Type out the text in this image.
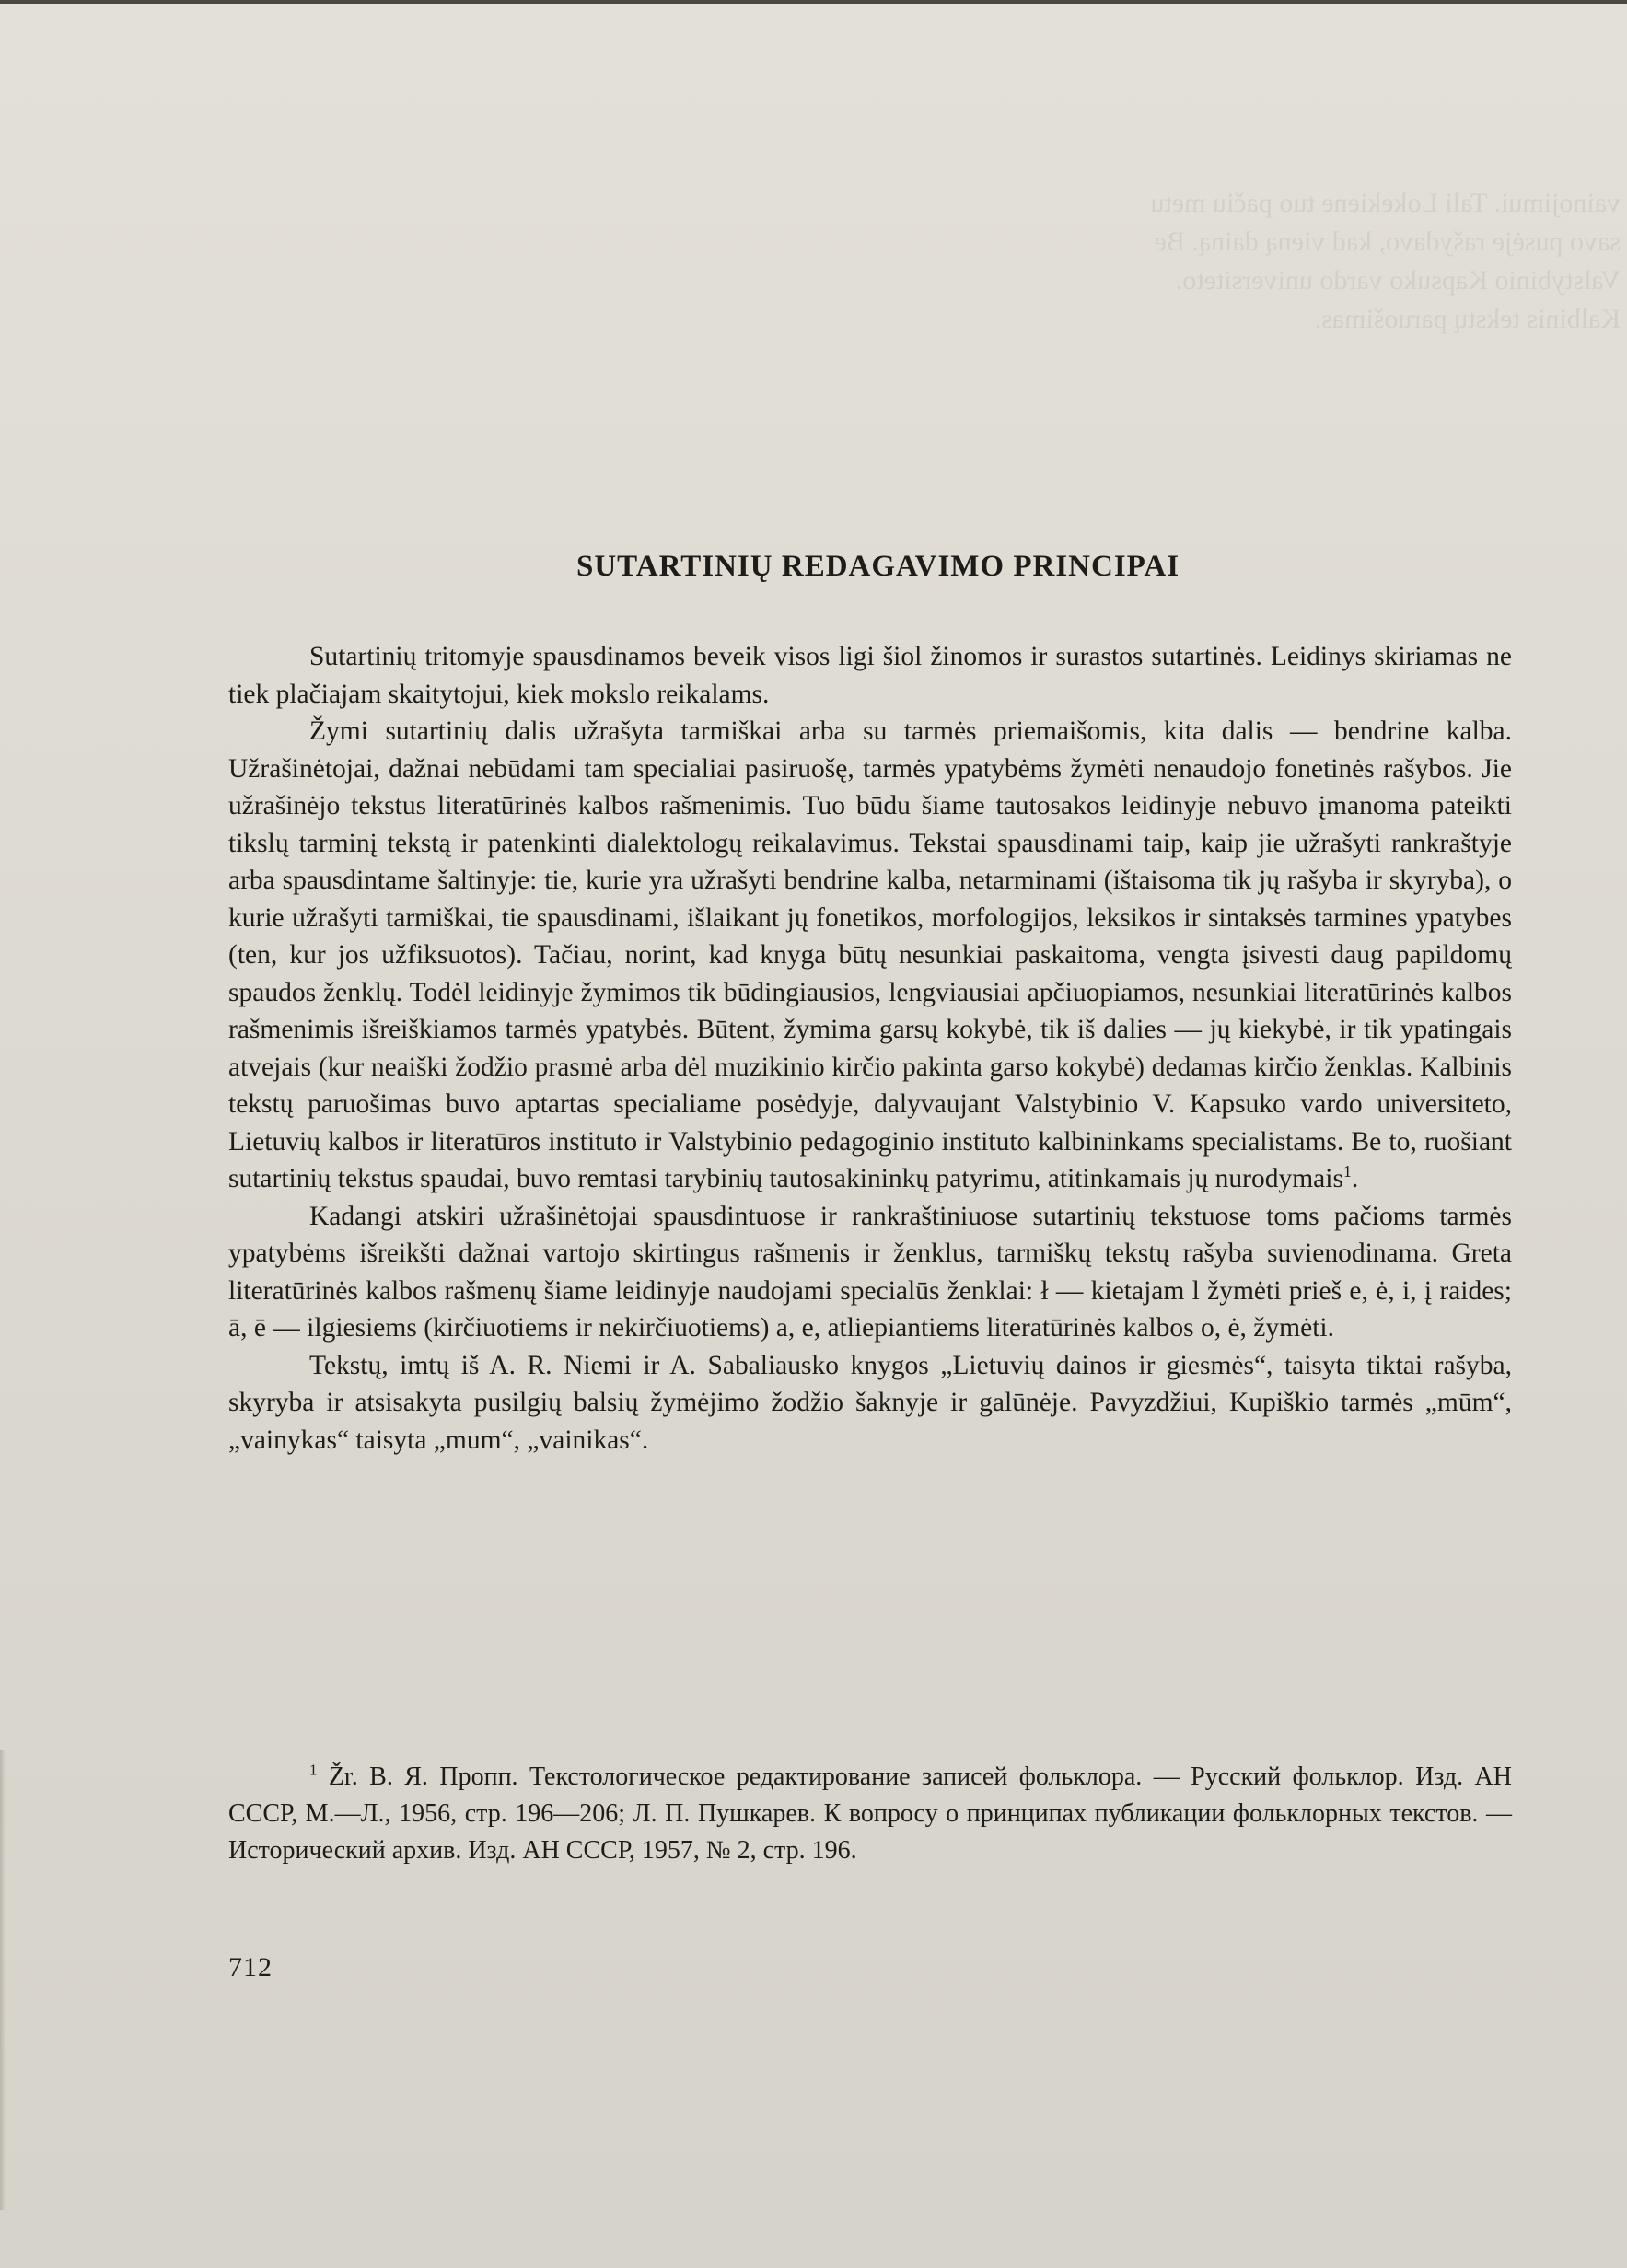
vainojimui. Tali Lokekiene tuo pačiu metu savo pusėje rašydavo, kad vieną dainą. Be Valstybinio Kapsuko vardo universiteto. Kalbinis tekstų paruošimas.
SUTARTINIŲ REDAGAVIMO PRINCIPAI

Sutartinių tritomyje spausdinamos beveik visos ligi šiol žinomos ir surastos sutartinės. Leidinys skiriamas ne tiek plačiajam skaitytojui, kiek mokslo reikalams.

Žymi sutartinių dalis užrašyta tarmiškai arba su tarmės priemaišomis, kita dalis — bendrine kalba. Užrašinėtojai, dažnai nebūdami tam specialiai pasiruošę, tarmės ypatybėms žymėti nenaudojo fonetinės rašybos. Jie užrašinėjo tekstus literatūrinės kalbos rašmenimis. Tuo būdu šiame tautosakos leidinyje nebuvo įmanoma pateikti tikslų tarminį tekstą ir patenkinti dialektologų reikalavimus. Tekstai spausdinami taip, kaip jie užrašyti rankraštyje arba spausdintame šaltinyje: tie, kurie yra užrašyti bendrine kalba, netarminami (ištaisoma tik jų rašyba ir skyryba), o kurie užrašyti tarmiškai, tie spausdinami, išlaikant jų fonetikos, morfologijos, leksikos ir sintaksės tarmines ypatybes (ten, kur jos užfiksuotos). Tačiau, norint, kad knyga būtų nesunkiai paskaitoma, vengta įsivesti daug papildomų spaudos ženklų. Todėl leidinyje žymimos tik būdingiausios, lengviausiai apčiuopiamos, nesunkiai literatūrinės kalbos rašmenimis išreiškiamos tarmės ypatybės. Būtent, žymima garsų kokybė, tik iš dalies — jų kiekybė, ir tik ypatingais atvejais (kur neaiški žodžio prasmė arba dėl muzikinio kirčio pakinta garso kokybė) dedamas kirčio ženklas. Kalbinis tekstų paruošimas buvo aptartas specialiame posėdyje, dalyvaujant Valstybinio V. Kapsuko vardo universiteto, Lietuvių kalbos ir literatūros instituto ir Valstybinio pedagoginio instituto kalbininkams specialistams. Be to, ruošiant sutartinių tekstus spaudai, buvo remtasi tarybinių tautosakininkų patyrimu, atitinkamais jų nurodymais$^1$.

Kadangi atskiri užrašinėtojai spausdintuose ir rankraštiniuose sutartinių tekstuose toms pačioms tarmės ypatybėms išreikšti dažnai vartojo skirtingus rašmenis ir ženklus, tarmiškų tekstų rašyba suvienodinama. Greta literatūrinės kalbos rašmenų šiame leidinyje naudojami specialūs ženklai: ł — kietajam l žymėti prieš e, ė, i, į raides; ā, ē — ilgiesiems (kirčiuotiems ir nekirčiuotiems) a, e, atliepiantiems literatūrinės kalbos o, ė, žymėti.

Tekstų, imtų iš A. R. Niemi ir A. Sabaliausko knygos „Lietuvių dainos ir giesmės“, taisyta tiktai rašyba, skyryba ir atsisakyta pusilgių balsių žymėjimo žodžio šaknyje ir galūnėje. Pavyzdžiui, Kupiškio tarmės „mūm“, „vainykas“ taisyta „mum“, „vainikas“.

$^1$ Žr. В. Я. Пропп. Текстологическое редактирование записей фольклора. — Русский фольклор. Изд. АН СССР, М.—Л., 1956, стр. 196—206; Л. П. Пушкарев. К вопросу о принципах публикации фольклорных текстов. — Исторический архив. Изд. АН СССР, 1957, № 2, стр. 196.

712
